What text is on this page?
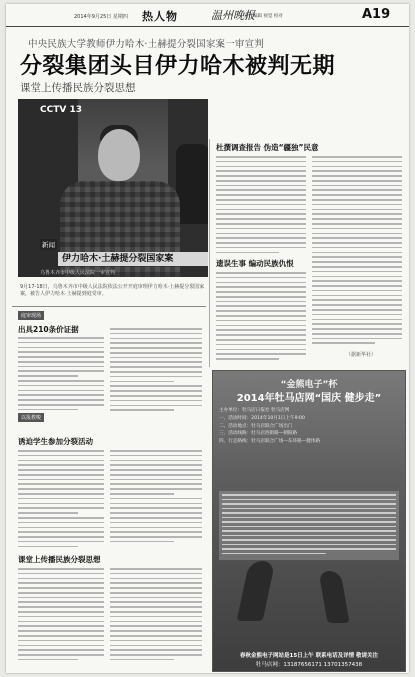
2014年9月25日 星期四 热人物	温州晚报
责任编辑 视觉 校对	A19
中央民族大学教师伊力哈木·土赫提分裂国家案一审宣判
分裂集团头目伊力哈木被判无期
课堂上传播民族分裂思想
CCTV 13
新闻
伊力哈木·土赫提分裂国家案
乌鲁木齐市中级人民法院一审宣判
9月17-18日，乌鲁木齐市中级人民法院依法公开开庭审理伊力哈木·土赫提分裂国家案，被告人伊力哈木·土赫提到庭受审。
庭审现场
出具210条价证据
以报教唆
诱迫学生参加分裂活动
课堂上传播民族分裂思想
杜撰调查报告 伪造“疆独”民意
遗误生事 编动民族仇恨
（据新华社）
“金熊电子”杯
2014年牡马店网“国庆 健步走”
主办单位：牡马店日报社 牡马店网
一、活动时间：2014年10月1日上午9:00
二、活动地点：牡马店联合广场出门
三、活动线路：牡马店西街路—朝阳路
四、行走路线：牡马店联合广场—东环路—健体路
春秋金熊电子网站是15日上午 联系电话及详情 敬请关注
牡马店网：13187656171 13701357438
